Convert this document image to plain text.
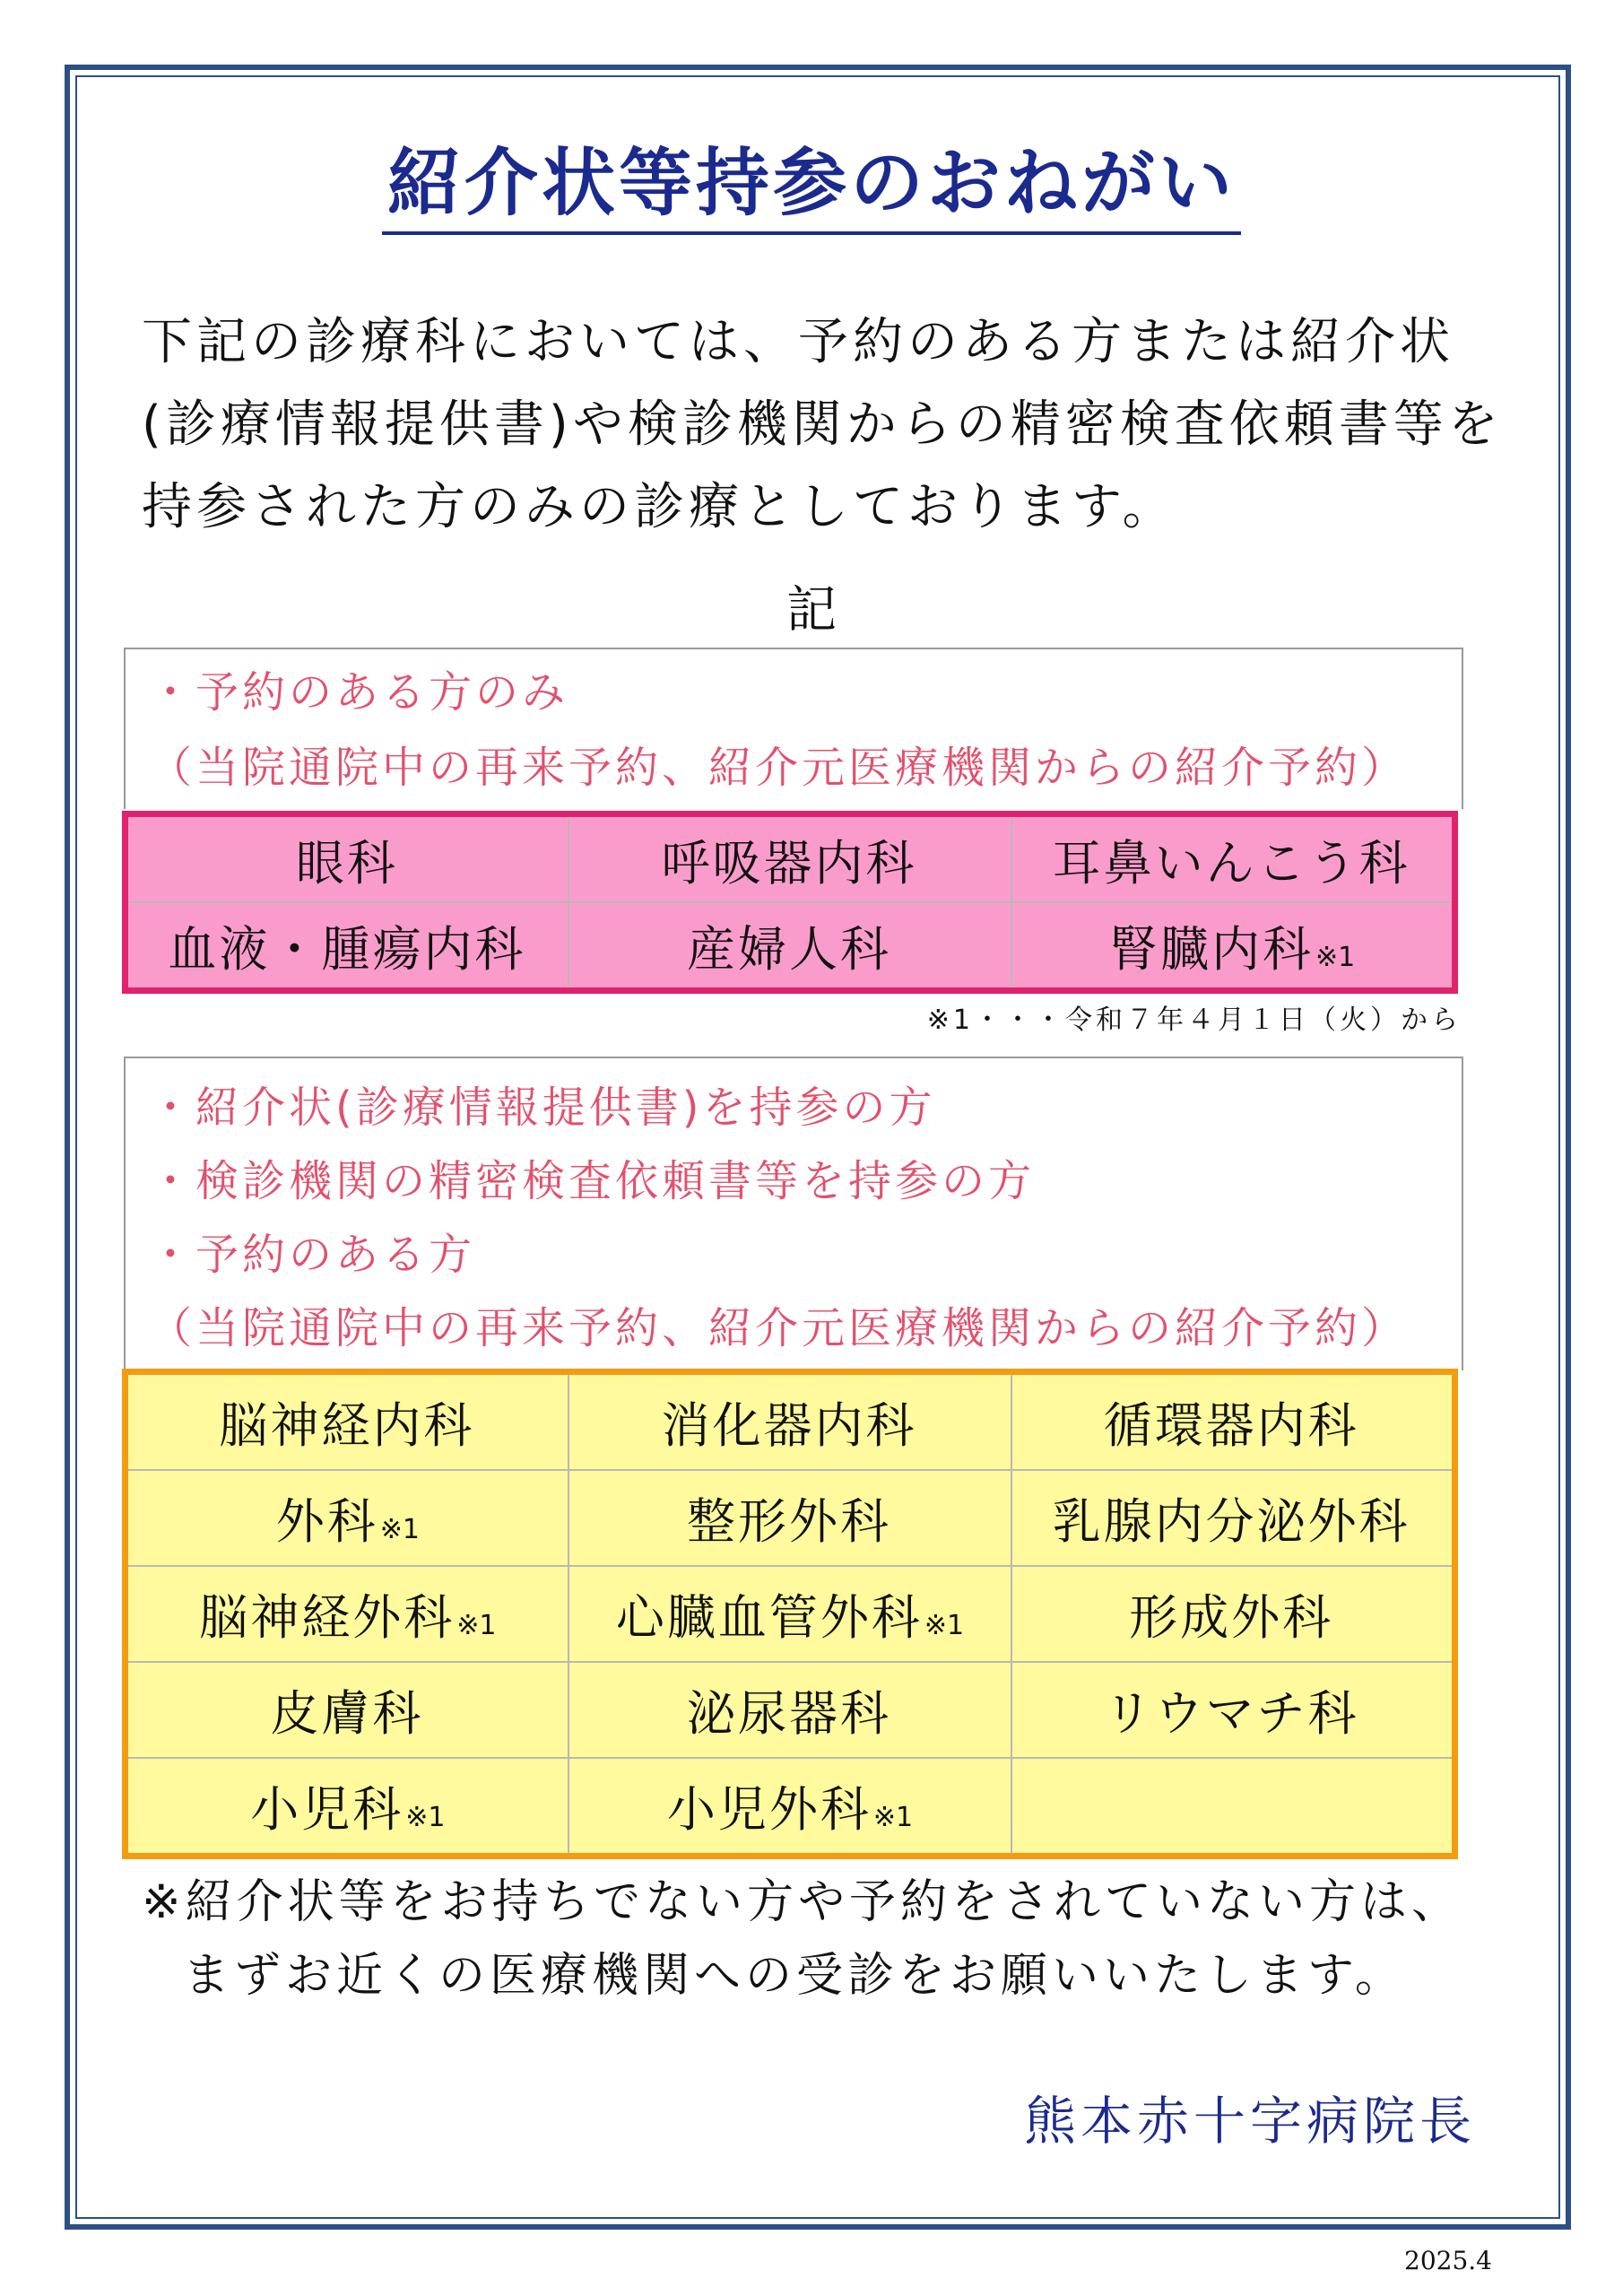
紹介状等持参のおねがい

下記の診療科においては、予約のある方または紹介状

(診療情報提供書)や検診機関からの精密検査依頼書等を

持参された方のみの診療としております。

記

・予約のある方のみ

（当院通院中の再来予約、紹介元医療機関からの紹介予約）

眼科	呼吸器内科	耳鼻いんこう科
血液・腫瘍内科	産婦人科	腎臓内科※1
※1・・・令和７年４月１日（火）から

・紹介状(診療情報提供書)を持参の方

・検診機関の精密検査依頼書等を持参の方

・予約のある方

（当院通院中の再来予約、紹介元医療機関からの紹介予約）

脳神経内科	消化器内科	循環器内科
外科※1	整形外科	乳腺内分泌外科
脳神経外科※1	心臓血管外科※1	形成外科
皮膚科	泌尿器科	リウマチ科
小児科※1	小児外科※1	

※紹介状等をお持ちでない方や予約をされていない方は、

まずお近くの医療機関への受診をお願いいたします。

熊本赤十字病院長
2025.4
